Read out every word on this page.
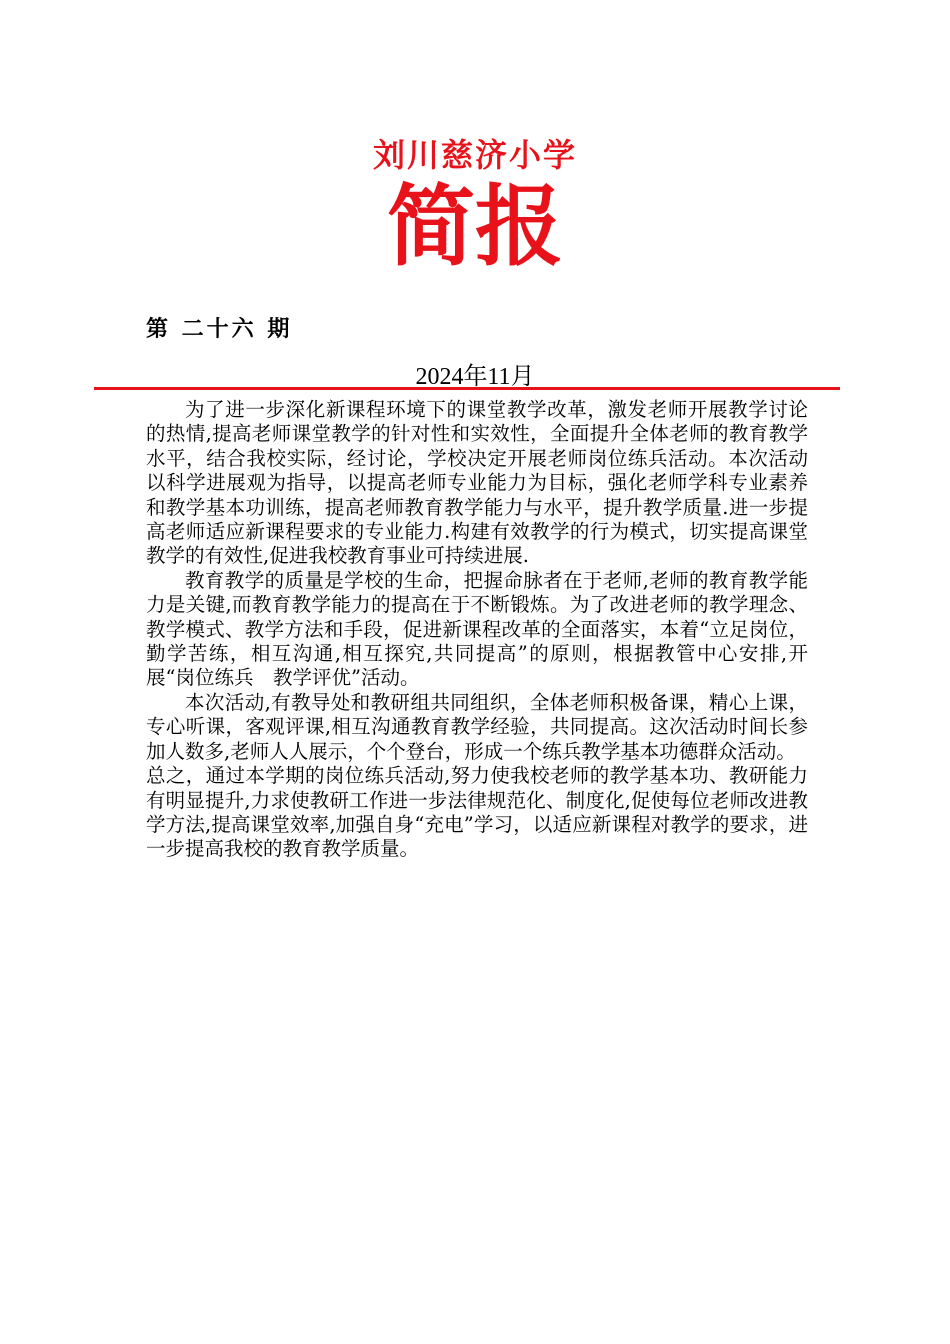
刘川慈济小学
简报
第 二十六 期
2024年11月

为了进一步深化新课程环境下的课堂教学改革，激发老师开展教学讨论的热情,提高老师课堂教学的针对性和实效性，全面提升全体老师的教育教学水平，结合我校实际，经讨论，学校决定开展老师岗位练兵活动。本次活动以科学进展观为指导，以提高老师专业能力为目标，强化老师学科专业素养和教学基本功训练，提高老师教育教学能力与水平，提升教学质量.进一步提高老师适应新课程要求的专业能力.构建有效教学的行为模式，切实提高课堂教学的有效性,促进我校教育事业可持续进展.

教育教学的质量是学校的生命，把握命脉者在于老师,老师的教育教学能力是关键,而教育教学能力的提高在于不断锻炼。为了改进老师的教学理念、教学模式、教学方法和手段，促进新课程改革的全面落实，本着“立足岗位，勤学苦练，相互沟通,相互探究,共同提高”的原则，根据教管中心安排,开展“岗位练兵　教学评优”活动。

本次活动,有教导处和教研组共同组织，全体老师积极备课，精心上课，专心听课，客观评课,相互沟通教育教学经验，共同提高。这次活动时间长参加人数多,老师人人展示，个个登台，形成一个练兵教学基本功德群众活动。

总之，通过本学期的岗位练兵活动,努力使我校老师的教学基本功、教研能力有明显提升,力求使教研工作进一步法律规范化、制度化,促使每位老师改进教学方法,提高课堂效率,加强自身“充电”学习，以适应新课程对教学的要求，进一步提高我校的教育教学质量。
